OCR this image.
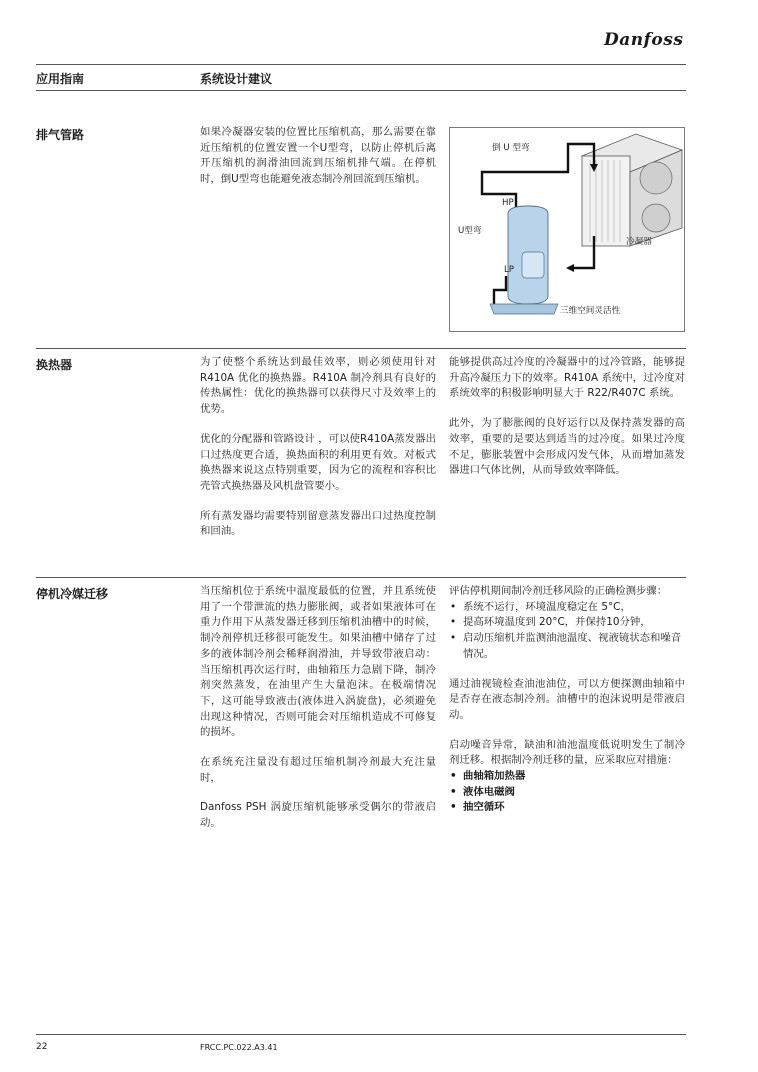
Danfoss
应用指南	系统设计建议
排气管路	如果冷凝器安装的位置比压缩机高，那么需要在靠近压缩机的位置安置一个U型弯，以防止停机后离开压缩机的润滑油回流到压缩机排气端。在停机时，倒U型弯也能避免液态制冷剂回流到压缩机。

倒 U 型弯
HP
U型弯
冷凝器
LP
三维空间灵活性
换热器	为了使整个系统达到最佳效率，则必须使用针对 R410A 优化的换热器。R410A 制冷剂具有良好的传热属性：优化的换热器可以获得尺寸及效率上的优势。

优化的分配器和管路设计 ，可以使R410A蒸发器出口过热度更合适，换热面积的利用更有效。对板式换热器来说这点特别重要，因为它的流程和容积比壳管式换热器及风机盘管要小。

所有蒸发器均需要特别留意蒸发器出口过热度控制和回油。

能够提供高过冷度的冷凝器中的过冷管路，能够提升高冷凝压力下的效率。R410A 系统中，过冷度对系统效率的积极影响明显大于 R22/R407C 系统。

此外，为了膨胀阀的良好运行以及保持蒸发器的高效率，重要的是要达到适当的过冷度。如果过冷度不足，膨胀装置中会形成闪发气体，从而增加蒸发器进口气体比例，从而导致效率降低。

停机冷媒迁移	当压缩机位于系统中温度最低的位置，并且系统使用了一个带泄流的热力膨胀阀，或者如果液体可在重力作用下从蒸发器迁移到压缩机油槽中的时候，制冷剂停机迁移很可能发生。如果油槽中储存了过多的液体制冷剂会稀释润滑油，并导致带液启动：当压缩机再次运行时，曲轴箱压力急剧下降，制冷剂突然蒸发，在油里产生大量泡沫。在极端情况下，这可能导致液击(液体进入涡旋盘)，必须避免出现这种情况，否则可能会对压缩机造成不可修复的损坏。

在系统充注量没有超过压缩机制冷剂最大充注量时，

Danfoss PSH 涡旋压缩机能够承受偶尔的带液启动。

评估停机期间制冷剂迁移风险的正确检测步骤：

• 系统不运行，环境温度稳定在 5°C，
• 提高环境温度到 20°C，并保持10分钟，
• 启动压缩机并监测油池温度、视液镜状态和噪音情况。

通过油视镜检查油池油位，可以方便探测曲轴箱中是否存在液态制冷剂。油槽中的泡沫说明是带液启动。

启动噪音异常，缺油和油池温度低说明发生了制冷剂迁移。根据制冷剂迁移的量，应采取应对措施：

• 曲轴箱加热器
• 液体电磁阀
• 抽空循环
22	FRCC.PC.022.A3.41
